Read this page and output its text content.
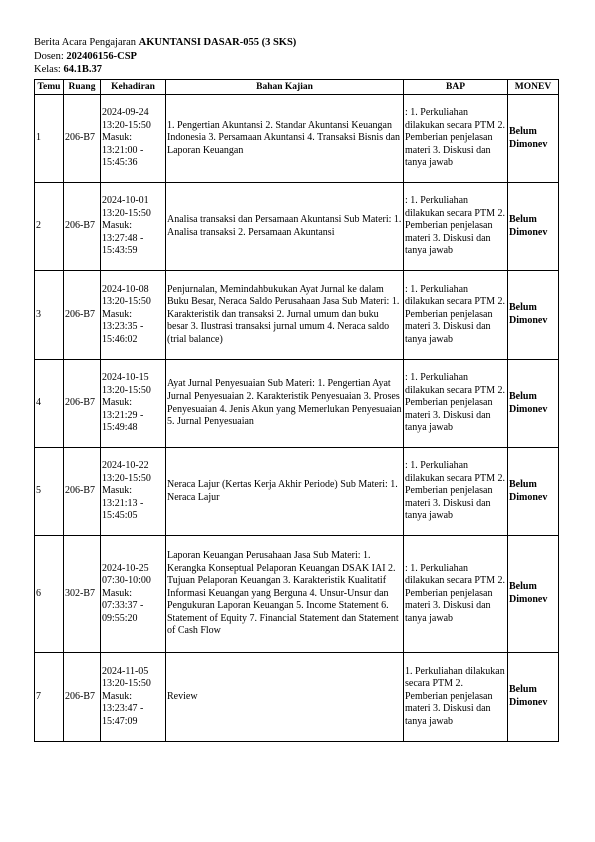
Berita Acara Pengajaran AKUNTANSI DASAR-055 (3 SKS)
Dosen: 202406156-CSP
Kelas: 64.1B.37
Temu	Ruang	Kehadiran	Bahan Kajian	BAP	MONEV
1	206-B7	2024-09-24 13:20-15:50 Masuk: 13:21:00 - 15:45:36	1. Pengertian Akuntansi 2. Standar Akuntansi Keuangan Indonesia 3. Persamaan Akuntansi 4. Transaksi Bisnis dan Laporan Keuangan	: 1. Perkuliahan dilakukan secara PTM 2. Pemberian penjelasan materi 3. Diskusi dan tanya jawab	Belum Dimonev
2	206-B7	2024-10-01 13:20-15:50 Masuk: 13:27:48 - 15:43:59	Analisa transaksi dan Persamaan Akuntansi Sub Materi: 1. Analisa transaksi 2. Persamaan Akuntansi	: 1. Perkuliahan dilakukan secara PTM 2. Pemberian penjelasan materi 3. Diskusi dan tanya jawab	Belum Dimonev
3	206-B7	2024-10-08 13:20-15:50 Masuk: 13:23:35 - 15:46:02	Penjurnalan, Memindahbukukan Ayat Jurnal ke dalam Buku Besar, Neraca Saldo Perusahaan Jasa Sub Materi: 1. Karakteristik dan transaksi 2. Jurnal umum dan buku besar 3. Ilustrasi transaksi jurnal umum 4. Neraca saldo (trial balance)	: 1. Perkuliahan dilakukan secara PTM 2. Pemberian penjelasan materi 3. Diskusi dan tanya jawab	Belum Dimonev
4	206-B7	2024-10-15 13:20-15:50 Masuk: 13:21:29 - 15:49:48	Ayat Jurnal Penyesuaian Sub Materi: 1. Pengertian Ayat Jurnal Penyesuaian 2. Karakteristik Penyesuaian 3. Proses Penyesuaian 4. Jenis Akun yang Memerlukan Penyesuaian 5. Jurnal Penyesuaian	: 1. Perkuliahan dilakukan secara PTM 2. Pemberian penjelasan materi 3. Diskusi dan tanya jawab	Belum Dimonev
5	206-B7	2024-10-22 13:20-15:50 Masuk: 13:21:13 - 15:45:05	Neraca Lajur (Kertas Kerja Akhir Periode) Sub Materi: 1. Neraca Lajur	: 1. Perkuliahan dilakukan secara PTM 2. Pemberian penjelasan materi 3. Diskusi dan tanya jawab	Belum Dimonev
6	302-B7	2024-10-25 07:30-10:00 Masuk: 07:33:37 - 09:55:20	Laporan Keuangan Perusahaan Jasa Sub Materi: 1. Kerangka Konseptual Pelaporan Keuangan DSAK IAI 2. Tujuan Pelaporan Keuangan 3. Karakteristik Kualitatif Informasi Keuangan yang Berguna 4. Unsur-Unsur dan Pengukuran Laporan Keuangan 5. Income Statement 6. Statement of Equity 7. Financial Statement dan Statement of Cash Flow	: 1. Perkuliahan dilakukan secara PTM 2. Pemberian penjelasan materi 3. Diskusi dan tanya jawab	Belum Dimonev
7	206-B7	2024-11-05 13:20-15:50 Masuk: 13:23:47 - 15:47:09	Review	1. Perkuliahan dilakukan secara PTM 2. Pemberian penjelasan materi 3. Diskusi dan tanya jawab	Belum Dimonev
